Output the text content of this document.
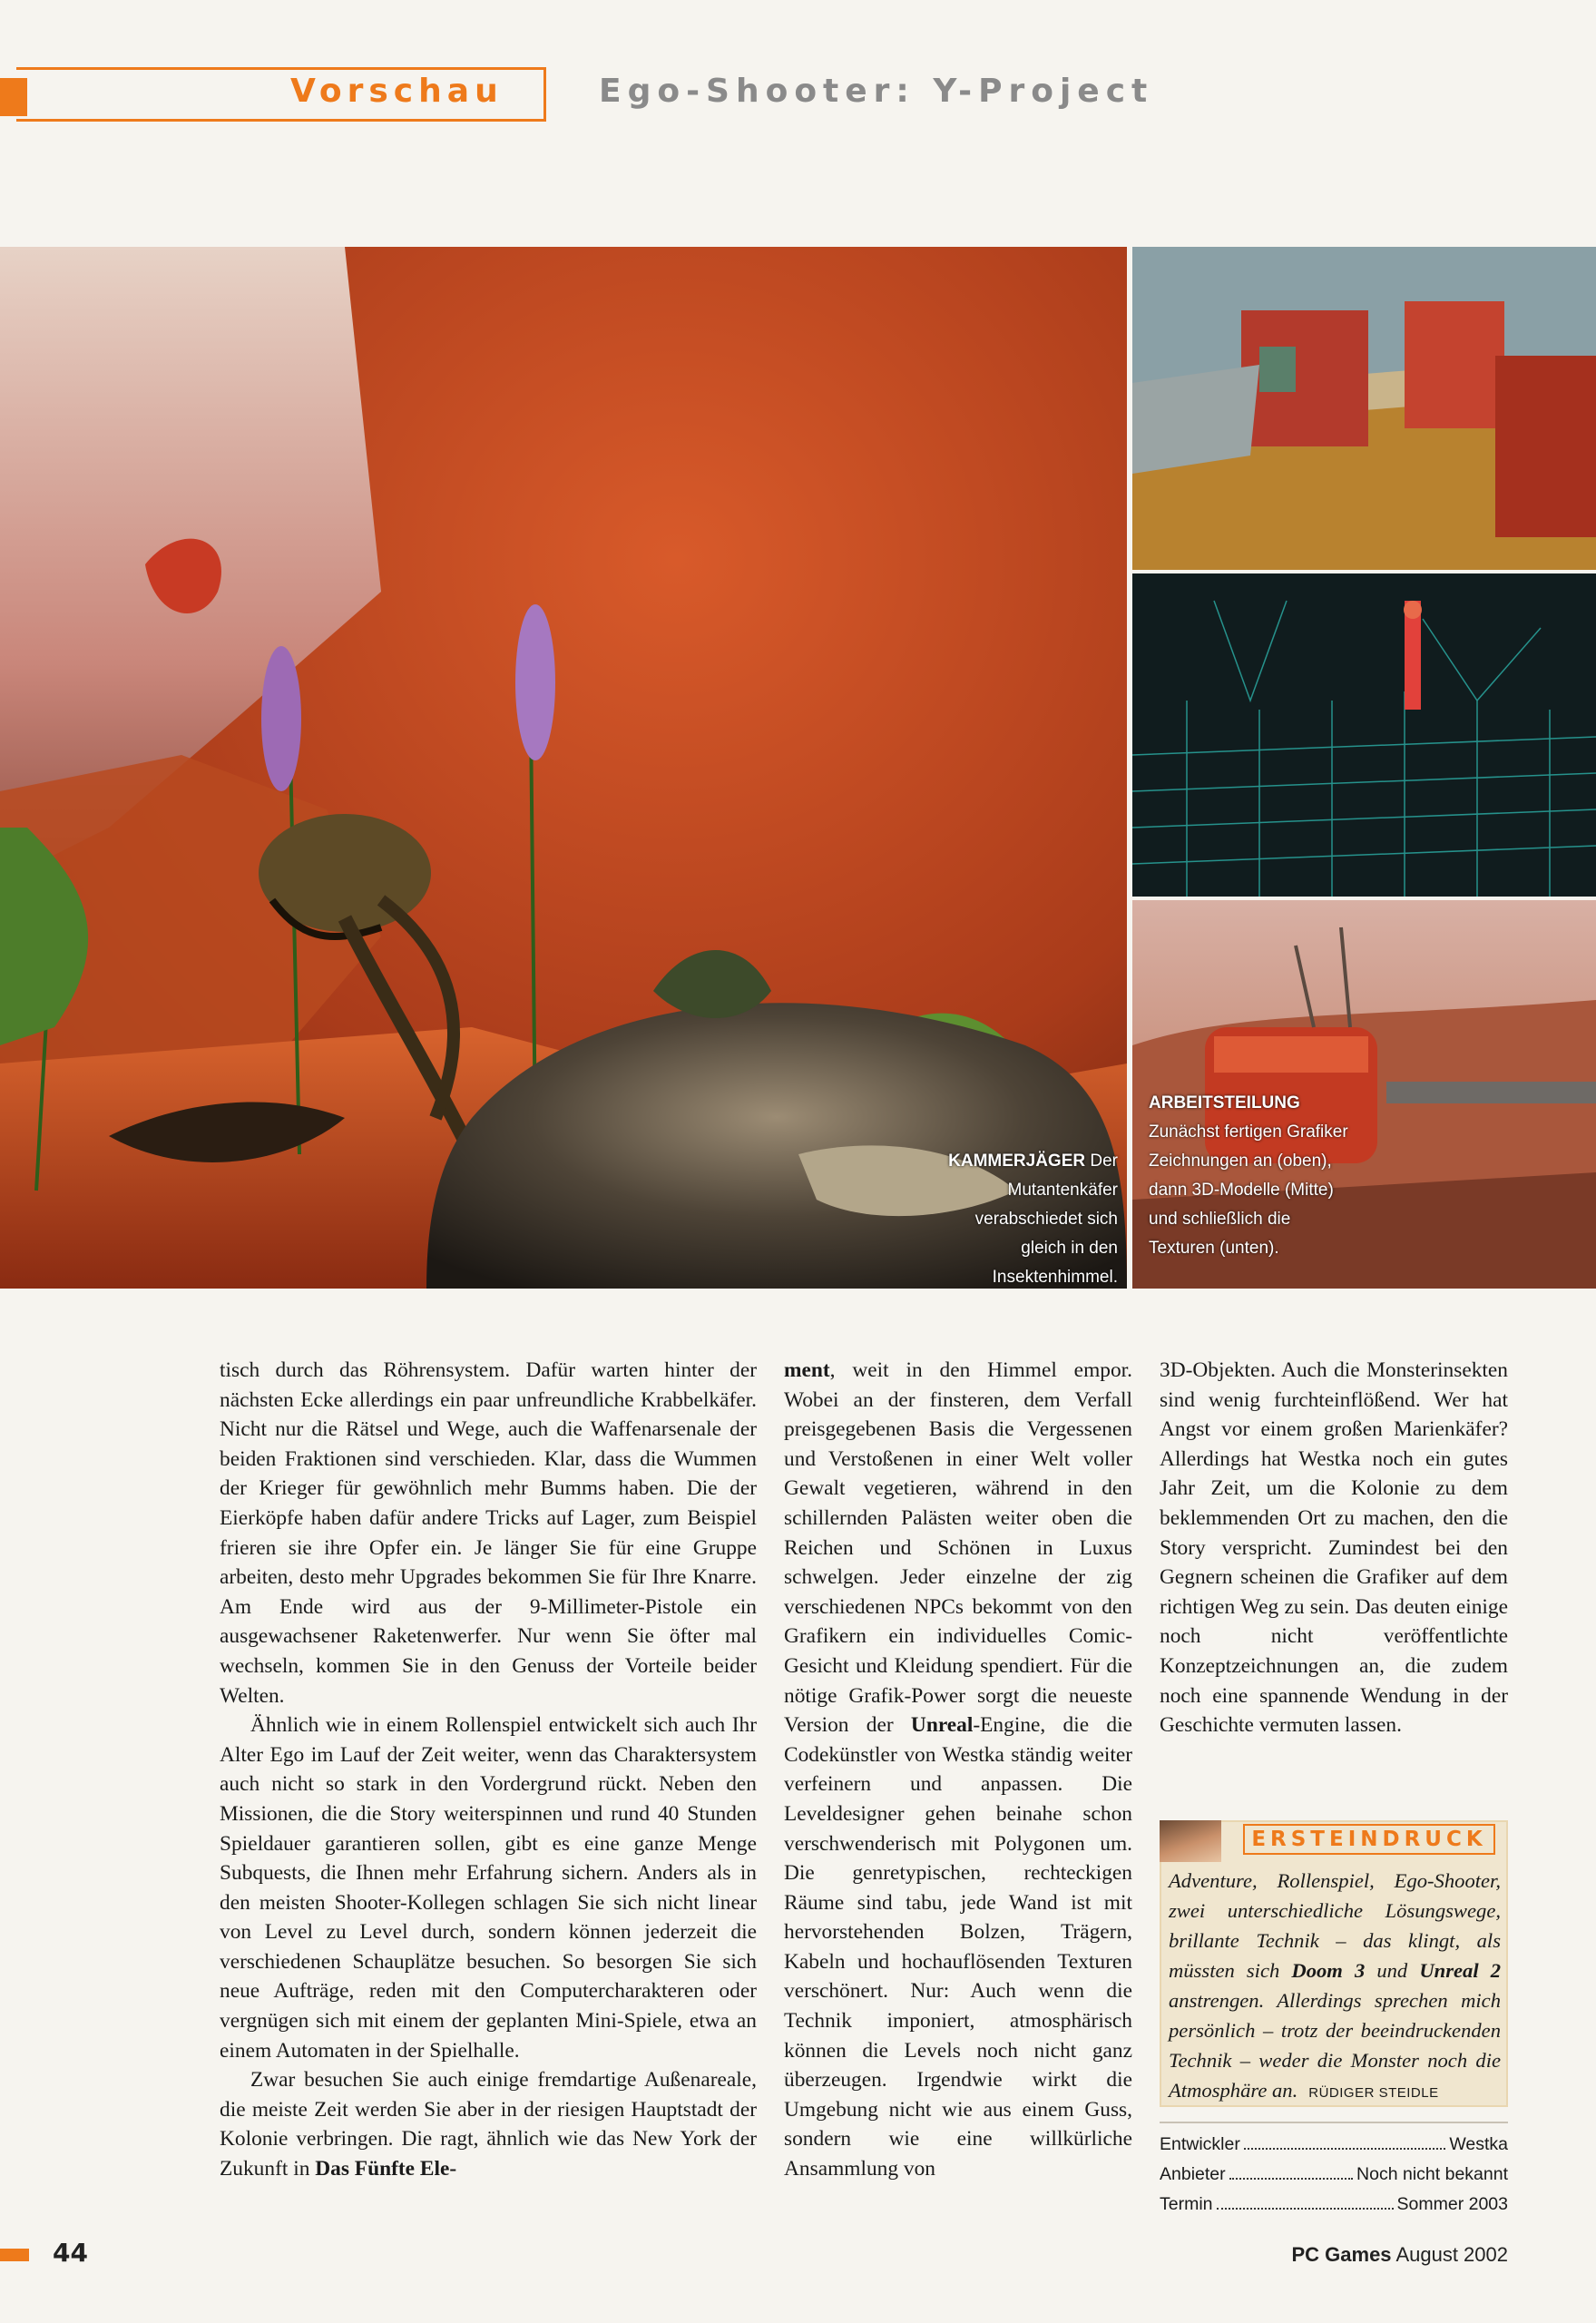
Vorschau	Ego-Shooter: Y-Project
KAMMERJÄGER Der Mutantenkäfer verabschiedet sich gleich in den Insektenhimmel.
ARBEITSTEILUNG
Zunächst fertigen Grafiker Zeichnungen an (oben), dann 3D-Modelle (Mitte) und schließlich die Texturen (unten).

tisch durch das Röhrensystem. Dafür warten hinter der nächsten Ecke allerdings ein paar unfreundliche Krabbelkäfer. Nicht nur die Rätsel und Wege, auch die Waffenarsenale der beiden Fraktionen sind verschieden. Klar, dass die Wummen der Krieger für gewöhnlich mehr Bumms haben. Die der Eierköpfe haben dafür andere Tricks auf Lager, zum Beispiel frieren sie ihre Opfer ein. Je länger Sie für eine Gruppe arbeiten, desto mehr Upgrades bekommen Sie für Ihre Knarre. Am Ende wird aus der 9-Millimeter-Pistole ein ausgewachsener Raketenwerfer. Nur wenn Sie öfter mal wechseln, kommen Sie in den Genuss der Vorteile beider Welten.

Ähnlich wie in einem Rollenspiel entwickelt sich auch Ihr Alter Ego im Lauf der Zeit weiter, wenn das Charaktersystem auch nicht so stark in den Vordergrund rückt. Neben den Missionen, die die Story weiterspinnen und rund 40 Stunden Spieldauer garantieren sollen, gibt es eine ganze Menge Subquests, die Ihnen mehr Erfahrung sichern. Anders als in den meisten Shooter-Kollegen schlagen Sie sich nicht linear von Level zu Level durch, sondern können jederzeit die verschiedenen Schauplätze besuchen. So besorgen Sie sich neue Aufträge, reden mit den Computercharakteren oder vergnügen sich mit einem der geplanten Mini-Spiele, etwa an einem Automaten in der Spielhalle.

Zwar besuchen Sie auch einige fremdartige Außenareale, die meiste Zeit werden Sie aber in der riesigen Hauptstadt der Kolonie verbringen. Die ragt, ähnlich wie das New York der Zukunft in Das Fünfte Ele-

ment, weit in den Himmel empor. Wobei an der finsteren, dem Verfall preisgegebenen Basis die Vergessenen und Verstoßenen in einer Welt voller Gewalt vegetieren, während in den schillernden Palästen weiter oben die Reichen und Schönen in Luxus schwelgen. Jeder einzelne der zig verschiedenen NPCs bekommt von den Grafikern ein individuelles Comic-Gesicht und Kleidung spendiert. Für die nötige Grafik-Power sorgt die neueste Version der Unreal-Engine, die die Codekünstler von Westka ständig weiter verfeinern und anpassen. Die Leveldesigner gehen beinahe schon verschwenderisch mit Polygonen um. Die genretypischen, rechteckigen Räume sind tabu, jede Wand ist mit hervorstehenden Bolzen, Trägern, Kabeln und hochauflösenden Texturen verschönert. Nur: Auch wenn die Technik imponiert, atmosphärisch können die Levels noch nicht ganz überzeugen. Irgendwie wirkt die Umgebung nicht wie aus einem Guss, sondern wie eine willkürliche Ansammlung von

3D-Objekten. Auch die Monsterinsekten sind wenig furchteinflößend. Wer hat Angst vor einem großen Marienkäfer? Allerdings hat Westka noch ein gutes Jahr Zeit, um die Kolonie zu dem beklemmenden Ort zu machen, den die Story verspricht. Zumindest bei den Gegnern scheinen die Grafiker auf dem richtigen Weg zu sein. Das deuten einige noch nicht veröffentlichte Konzeptzeichnungen an, die zudem noch eine spannende Wendung in der Geschichte vermuten lassen.

ERSTEINDRUCK
Adventure, Rollenspiel, Ego-Shooter, zwei unterschiedliche Lösungswege, brillante Technik – das klingt, als müssten sich Doom 3 und Unreal 2 anstrengen. Allerdings sprechen mich persönlich – trotz der beeindruckenden Technik – weder die Monster noch die Atmosphäre an. RÜDIGER STEIDLE
Entwickler	Westka
Anbieter	Noch nicht bekannt
Termin	Sommer 2003
44	PC Games August 2002
